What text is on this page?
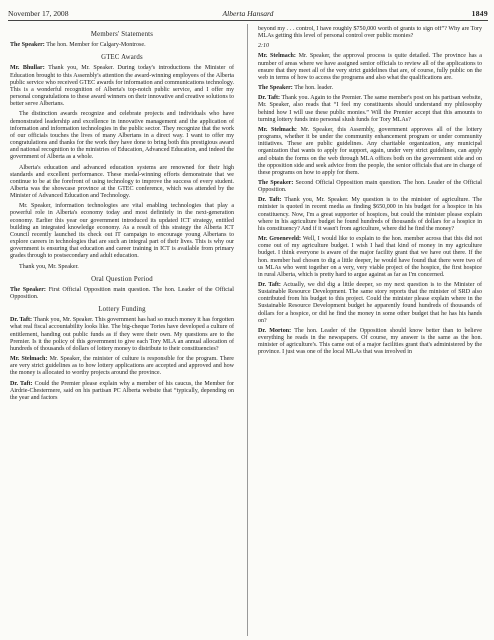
November 17, 2008	Alberta Hansard	1849
Members' Statements
The Speaker: The hon. Member for Calgary-Montrose.
GTEC Awards
Mr. Bhullar: Thank you, Mr. Speaker. During today's introductions the Minister of Education brought to this Assembly's attention the award-winning employees of the Alberta public service who received GTEC awards for information and communications technology. This is a wonderful recognition of Alberta's top-notch public service, and I offer my personal congratulations to these award winners on their innovative and creative solutions to better serve Albertans.
The distinction awards recognize and celebrate projects and individuals who have demonstrated leadership and excellence in innovative management and the application of information and information technologies in the public sector. They recognize that the work of our officials touches the lives of many Albertans in a direct way. I want to offer my congratulations and thanks for the work they have done to bring both this prestigious award and national recognition to the ministries of Education, Advanced Education, and indeed the government of Alberta as a whole.
Alberta's education and advanced education systems are renowned for their high standards and excellent performance. These medal-winning efforts demonstrate that we continue to be at the forefront of using technology to improve the success of every student. Alberta was the showcase province at the GTEC conference, which was attended by the Minister of Advanced Education and Technology.
Mr. Speaker, information technologies are vital enabling technologies that play a powerful role in Alberta's economy today and most definitely in the next-generation economy. Earlier this year our government introduced its updated ICT strategy, entitled building an integrated knowledge economy. As a result of this strategy the Alberta ICT Council recently launched its check out IT campaign to encourage young Albertans to explore careers in technologies that are such an integral part of their lives. This is why our government is ensuring that education and career training in ICT is available from primary grades through to postsecondary and adult education.
Thank you, Mr. Speaker.
Oral Question Period
The Speaker: First Official Opposition main question. The hon. Leader of the Official Opposition.
Lottery Funding
Dr. Taft: Thank you, Mr. Speaker. This government has had so much money it has forgotten what real fiscal accountability looks like. The big-cheque Tories have developed a culture of entitlement, handing out public funds as if they were their own. My questions are to the Premier. Is it the policy of this government to give each Tory MLA an annual allocation of hundreds of thousands of dollars of lottery money to distribute to their constituencies?
Mr. Stelmach: Mr. Speaker, the minister of culture is responsible for the program. There are very strict guidelines as to how lottery applications are accepted and approved and how the money is allocated to worthy projects around the province.
Dr. Taft: Could the Premier please explain why a member of his caucus, the Member for Airdrie-Chestermere, said on his partisan PC Alberta website that “typically, depending on the year and factors
beyond my . . . control, I have roughly $750,000 worth of grants to sign off”? Why are Tory MLAs getting this level of personal control over public monies?
2:10
Mr. Stelmach: Mr. Speaker, the approval process is quite detailed. The province has a number of areas where we have assigned senior officials to review all of the applications to ensure that they meet all of the very strict guidelines that are, of course, fully public on the web in terms of how to access the programs and also what the qualifications are.
The Speaker: The hon. leader.
Dr. Taft: Thank you. Again to the Premier. The same member's post on his partisan website, Mr. Speaker, also reads that “I feel my constituents should understand my philosophy behind how I will use these public monies.” Will the Premier accept that this amounts to turning lottery funds into personal slush funds for Tory MLAs?
Mr. Stelmach: Mr. Speaker, this Assembly, government approves all of the lottery programs, whether it be under the community enhancement program or under community initiatives. These are public guidelines. Any charitable organization, any municipal organization that wants to apply for support, again, under very strict guidelines, can apply and obtain the forms on the web through MLA offices both on the government side and on the opposition side and seek advice from the people, the senior officials that are in charge of these programs on how to apply for them.
The Speaker: Second Official Opposition main question. The hon. Leader of the Official Opposition.
Dr. Taft: Thank you, Mr. Speaker. My question is to the minister of agriculture. The minister is quoted in recent media as finding $650,000 in his budget for a hospice in his constituency. Now, I'm a great supporter of hospices, but could the minister please explain where in his agriculture budget he found hundreds of thousands of dollars for a hospice in his constituency? And if it wasn't from agriculture, where did he find the money?
Mr. Groeneveld: Well, I would like to explain to the hon. member across that this did not come out of my agriculture budget. I wish I had that kind of money in my agriculture budget. I think everyone is aware of the major facility grant that we have out there. If the hon. member had chosen to dig a little deeper, he would have found that there were two of us MLAs who went together on a very, very viable project of the hospice, the first hospice in rural Alberta, which is pretty hard to argue against as far as I'm concerned.
Dr. Taft: Actually, we did dig a little deeper, so my next question is to the Minister of Sustainable Resource Development. The same story reports that the minister of SRD also contributed from his budget to this project. Could the minister please explain where in the Sustainable Resource Development budget he apparently found hundreds of thousands of dollars for a hospice, or did he find the money in some other budget that he has his hands on?
Dr. Morton: The hon. Leader of the Opposition should know better than to believe everything he reads in the newspapers. Of course, my answer is the same as the hon. minister of agriculture's. This came out of a major facilities grant that's administered by the province. I just was one of the local MLAs that was involved in
